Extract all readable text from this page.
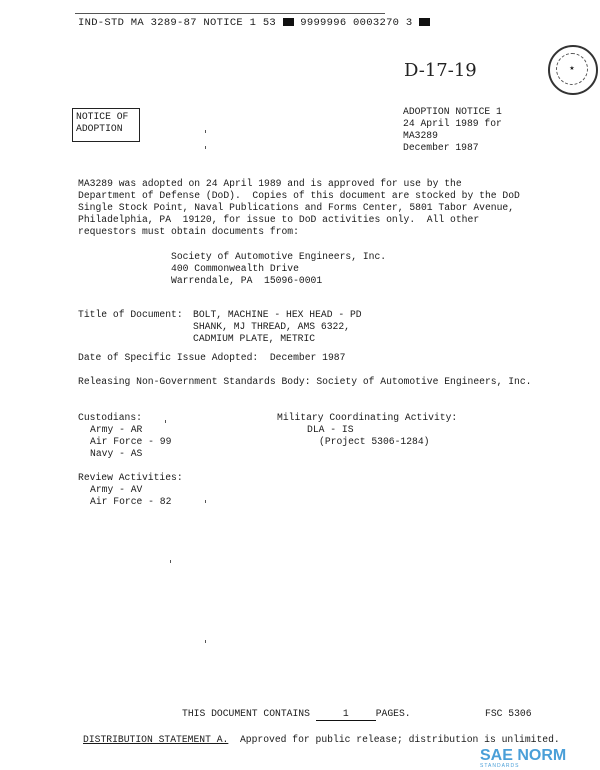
IND-STD MA 3289-87 NOTICE 1 53 9999996 0003270 3
D-17-19	★
NOTICE OF
ADOPTION
ADOPTION NOTICE 1
24 April 1989 for
MA3289
December 1987
MA3289 was adopted on 24 April 1989 and is approved for use by the
Department of Defense (DoD).  Copies of this document are stocked by the DoD
Single Stock Point, Naval Publications and Forms Center, 5801 Tabor Avenue,
Philadelphia, PA  19120, for issue to DoD activities only.  All other
requestors must obtain documents from:
Society of Automotive Engineers, Inc.
400 Commonwealth Drive
Warrendale, PA  15096-0001
Title of Document: BOLT, MACHINE - HEX HEAD - PD
SHANK, MJ THREAD, AMS 6322,
CADMIUM PLATE, METRIC
Date of Specific Issue Adopted:  December 1987
Releasing Non-Government Standards Body: Society of Automotive Engineers, Inc.
Custodians:
Army - AR
Air Force - 99
Navy - AS
Review Activities:
Army - AV
Air Force - 82
Military Coordinating Activity:
DLA - IS
(Project 5306-1284)
THIS DOCUMENT CONTAINS	1	PAGES.	FSC 5306
DISTRIBUTION STATEMENT A. Approved for public release; distribution is unlimited.
SAE NORM
STANDARDS
